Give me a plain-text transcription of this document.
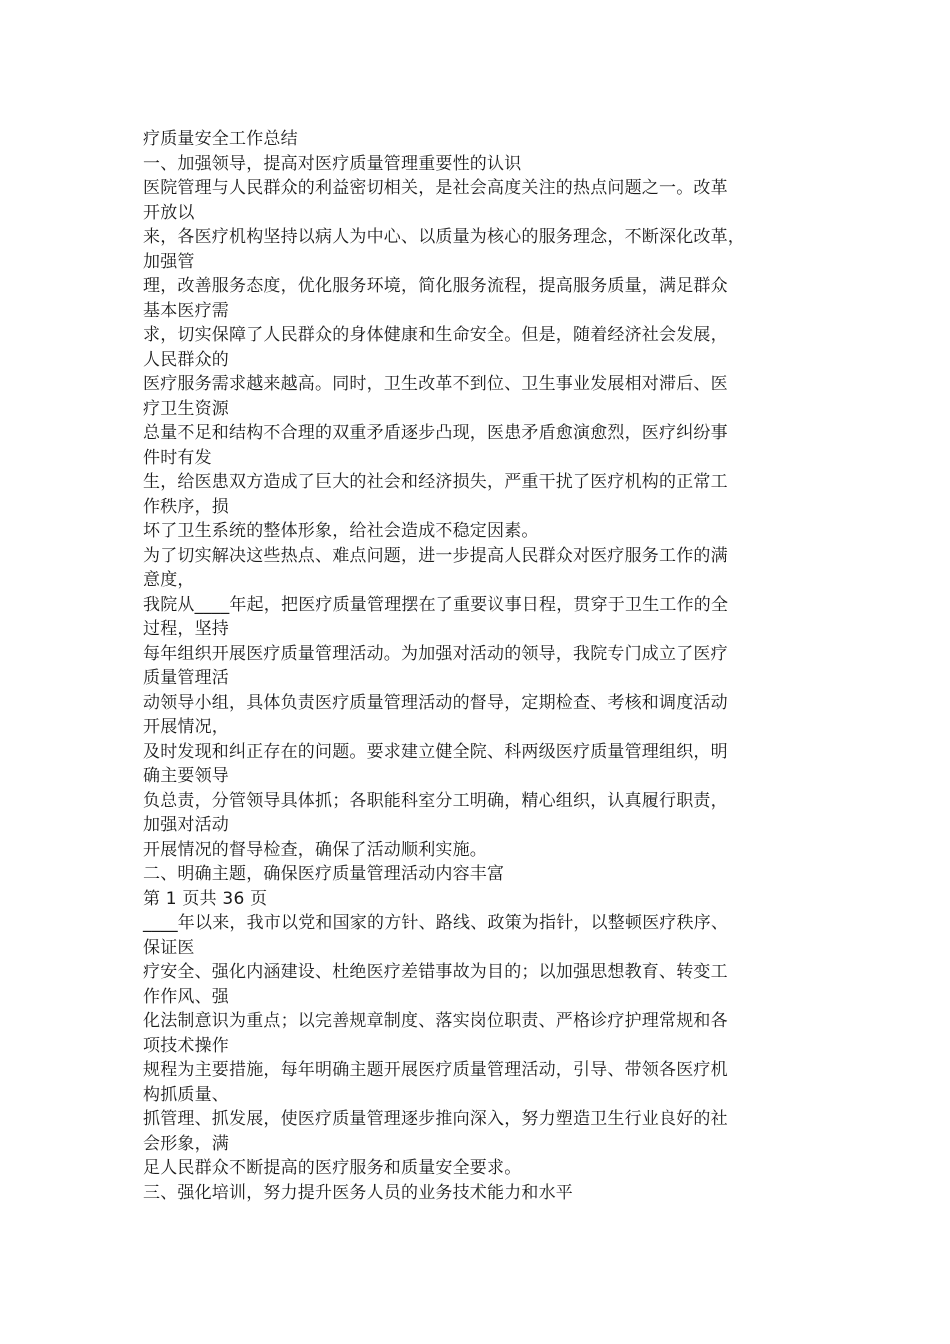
疗质量安全工作总结
一、加强领导，提高对医疗质量管理重要性的认识
医院管理与人民群众的利益密切相关，是社会高度关注的热点问题之一。改革
开放以
来，各医疗机构坚持以病人为中心、以质量为核心的服务理念，不断深化改革，
加强管
理，改善服务态度，优化服务环境，简化服务流程，提高服务质量，满足群众
基本医疗需
求，切实保障了人民群众的身体健康和生命安全。但是，随着经济社会发展，
人民群众的
医疗服务需求越来越高。同时，卫生改革不到位、卫生事业发展相对滞后、医
疗卫生资源
总量不足和结构不合理的双重矛盾逐步凸现，医患矛盾愈演愈烈，医疗纠纷事
件时有发
生，给医患双方造成了巨大的社会和经济损失，严重干扰了医疗机构的正常工
作秩序，损
坏了卫生系统的整体形象，给社会造成不稳定因素。
为了切实解决这些热点、难点问题，进一步提高人民群众对医疗服务工作的满
意度，
我院从____年起，把医疗质量管理摆在了重要议事日程，贯穿于卫生工作的全
过程，坚持
每年组织开展医疗质量管理活动。为加强对活动的领导，我院专门成立了医疗
质量管理活
动领导小组，具体负责医疗质量管理活动的督导，定期检查、考核和调度活动
开展情况，
及时发现和纠正存在的问题。要求建立健全院、科两级医疗质量管理组织，明
确主要领导
负总责，分管领导具体抓；各职能科室分工明确，精心组织，认真履行职责，
加强对活动
开展情况的督导检查，确保了活动顺利实施。
二、明确主题，确保医疗质量管理活动内容丰富
第 1 页共 36 页
____年以来，我市以党和国家的方针、路线、政策为指针，以整顿医疗秩序、
保证医
疗安全、强化内涵建设、杜绝医疗差错事故为目的；以加强思想教育、转变工
作作风、强
化法制意识为重点；以完善规章制度、落实岗位职责、严格诊疗护理常规和各
项技术操作
规程为主要措施，每年明确主题开展医疗质量管理活动，引导、带领各医疗机
构抓质量、
抓管理、抓发展，使医疗质量管理逐步推向深入，努力塑造卫生行业良好的社
会形象，满
足人民群众不断提高的医疗服务和质量安全要求。
三、强化培训，努力提升医务人员的业务技术能力和水平
